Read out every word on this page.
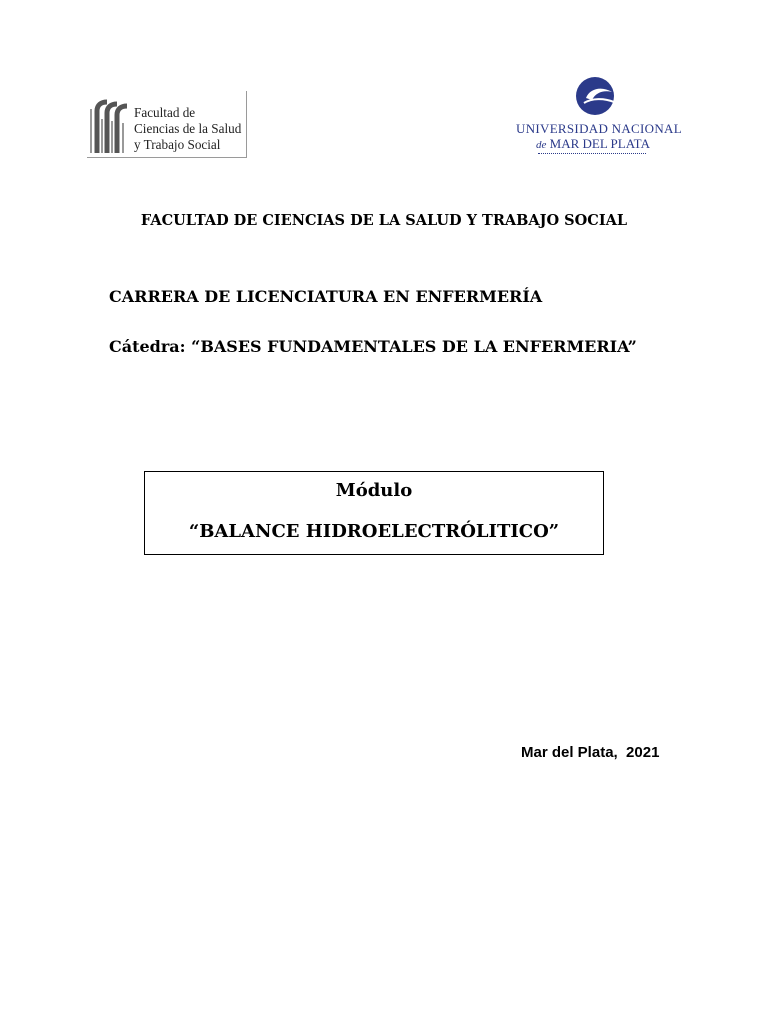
Facultad de
Ciencias de la Salud
y Trabajo Social
UNIVERSIDAD NACIONAL
de MAR DEL PLATA
FACULTAD DE CIENCIAS DE LA SALUD Y TRABAJO SOCIAL
CARRERA DE LICENCIATURA EN ENFERMERÍA
Cátedra: “BASES FUNDAMENTALES DE LA ENFERMERIA”
Módulo
“BALANCE HIDROELECTRÓLITICO”
Mar del Plata,  2021
